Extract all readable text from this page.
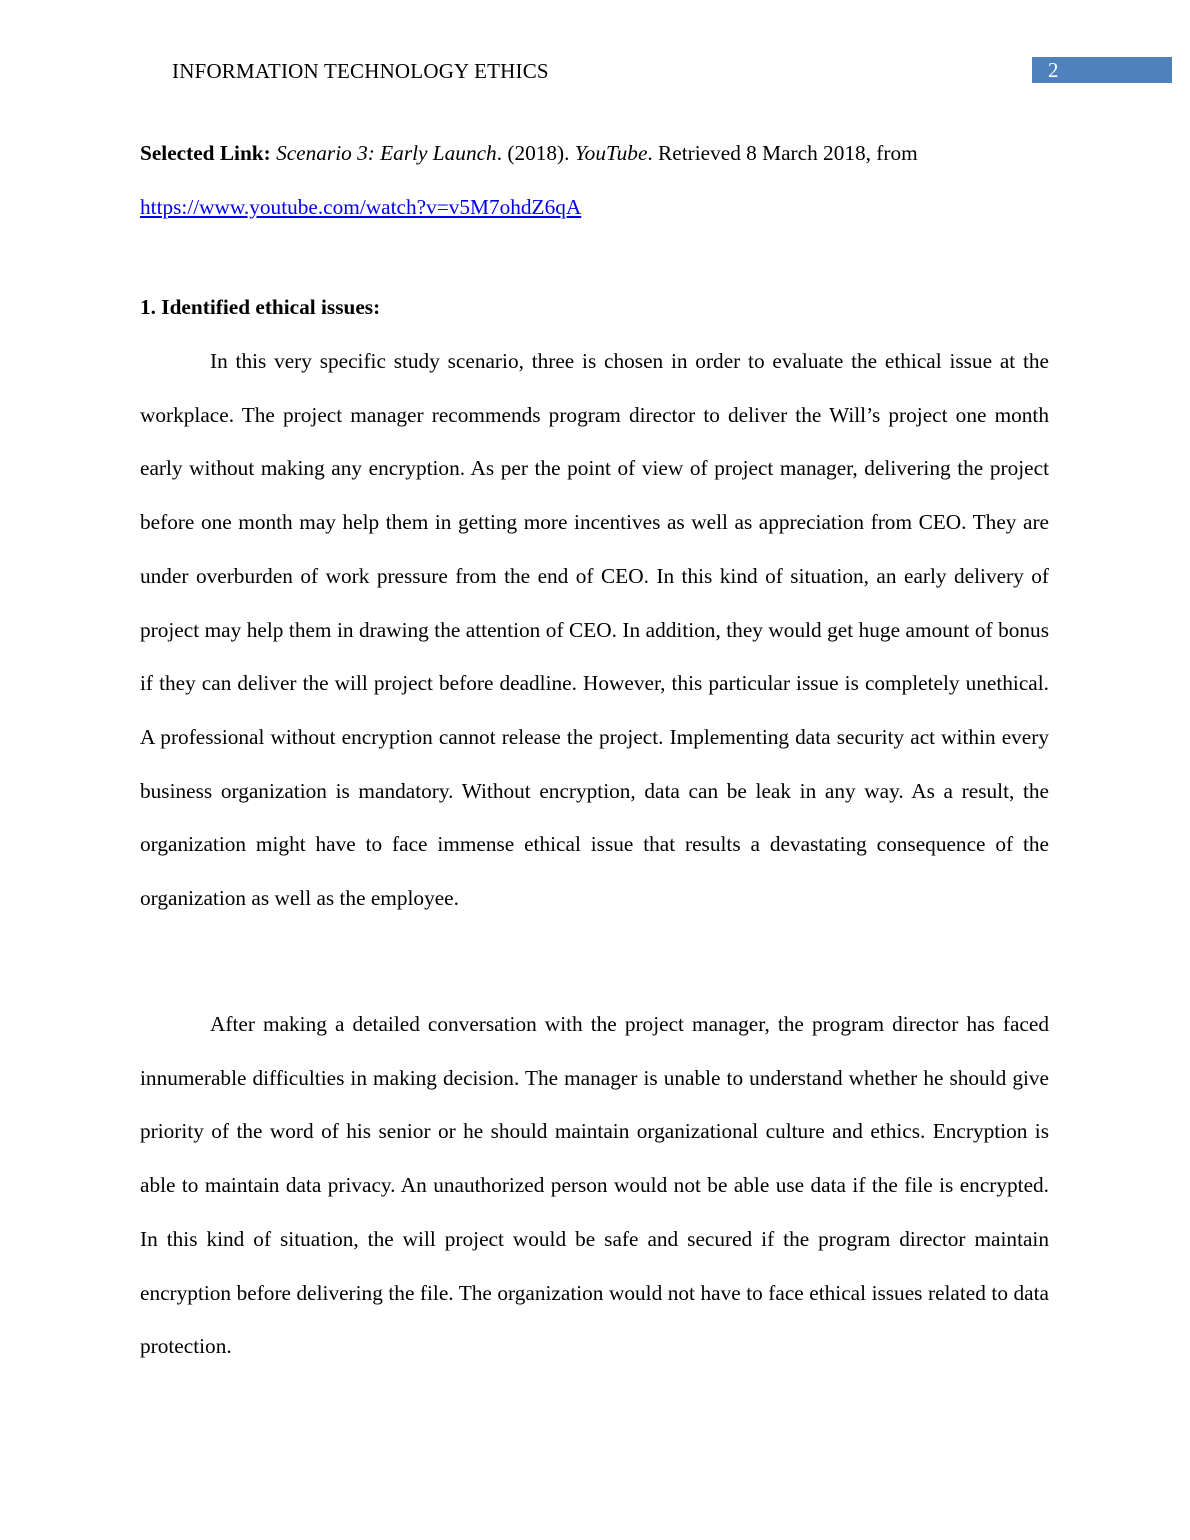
INFORMATION TECHNOLOGY ETHICS	2
Selected Link: Scenario 3: Early Launch. (2018). YouTube. Retrieved 8 March 2018, from
https://www.youtube.com/watch?v=v5M7ohdZ6qA
1. Identified ethical issues:
In this very specific study scenario, three is chosen in order to evaluate the ethical issue at the workplace. The project manager recommends program director to deliver the Will’s project one month early without making any encryption. As per the point of view of project manager, delivering the project before one month may help them in getting more incentives as well as appreciation from CEO. They are under overburden of work pressure from the end of CEO. In this kind of situation, an early delivery of project may help them in drawing the attention of CEO. In addition, they would get huge amount of bonus if they can deliver the will project before deadline. However, this particular issue is completely unethical. A professional without encryption cannot release the project. Implementing data security act within every business organization is mandatory. Without encryption, data can be leak in any way. As a result, the organization might have to face immense ethical issue that results a devastating consequence of the organization as well as the employee.
After making a detailed conversation with the project manager, the program director has faced innumerable difficulties in making decision. The manager is unable to understand whether he should give priority of the word of his senior or he should maintain organizational culture and ethics. Encryption is able to maintain data privacy. An unauthorized person would not be able use data if the file is encrypted. In this kind of situation, the will project would be safe and secured if the program director maintain encryption before delivering the file. The organization would not have to face ethical issues related to data protection.
